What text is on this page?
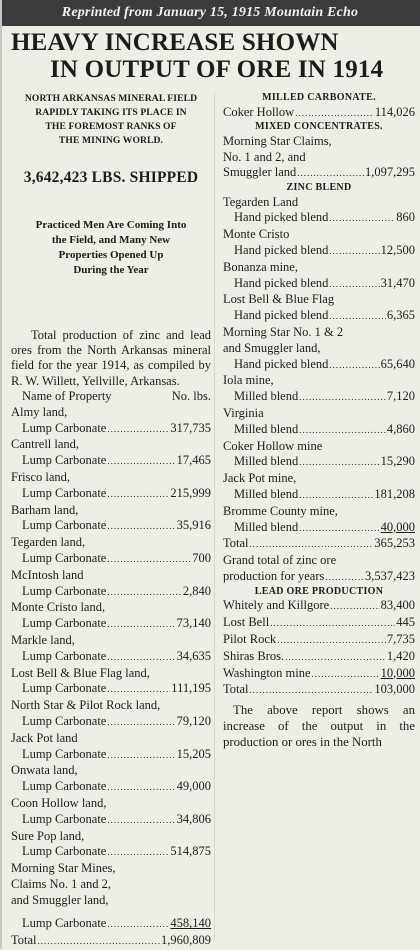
Reprinted from January 15, 1915 Mountain Echo
HEAVY INCREASE SHOWN
IN OUTPUT OF ORE IN 1914
NORTH ARKANSAS MINERAL FIELD
RAPIDLY TAKING ITS PLACE IN
THE FOREMOST RANKS OF
THE MINING WORLD.
3,642,423 LBS. SHIPPED
Practiced Men Are Coming Into
the Field, and Many New
Properties Opened Up
During the Year
Total production of zinc and lead ores from the North Arkansas mineral field for the year 1914, as compiled by R. W. Willett, Yellville, Arkansas.
Name of Property	No. lbs.
Almy land,
Lump Carbonate .....	317,735
Cantrell land,
Lump Carbonate .....	17,465
Frisco land,
Lump Carbonate .....	215,999
Barham land,
Lump Carbonate .....	35,916
Tegarden land,
Lump Carbonate .....	700
McIntosh land
Lump Carbonate .....	2,840
Monte Cristo land,
Lump Carbonate .....	73,140
Markle land,
Lump Carbonate .....	34,635
Lost Bell & Blue Flag land,
Lump Carbonate .....	111,195
North Star & Pilot Rock land,
Lump Carbonate .....	79,120
Jack Pot land
Lump Carbonate .....	15,205
Onwata land,
Lump Carbonate .....	49,000
Coon Hollow land,
Lump Carbonate .....	34,806
Sure Pop land,
Lump Carbonate .....	514,875
Morning Star Mines,
Claims No. 1 and 2,
and Smuggler land,
Lump Carbonate .....	458,140
Total .....	1,960,809
MILLED CARBONATE.
Coker Hollow .....	114,026
MIXED CONCENTRATES.
Morning Star Claims,
No. 1 and 2, and
Smuggler land .....	1,097,295
ZINC BLEND
Tegarden Land
Hand picked blend .....	860
Monte Cristo
Hand picked blend .....	12,500
Bonanza mine,
Hand picked blend .....	31,470
Lost Bell & Blue Flag
Hand picked blend .....	6,365
Morning Star No. 1 & 2
and Smuggler land,
Hand picked blend .....	65,640
Iola mine,
Milled blend .....	7,120
Virginia
Milled blend .....	4,860
Coker Hollow mine
Milled blend .....	15,290
Jack Pot mine,
Milled blend .....	181,208
Bromme County mine,
Milled blend .....	40,000
Total .....	365,253
Grand total of zinc ore
production for years .....	3,537,423
LEAD ORE PRODUCTION
Whitely and Killgore .....	83,400
Lost Bell .....	445
Pilot Rock .....	7,735
Shiras Bros. .....	1,420
Washington mine .....	10,000
Total .....	103,000
The above report shows an increase of the output in the production or ores in the North
